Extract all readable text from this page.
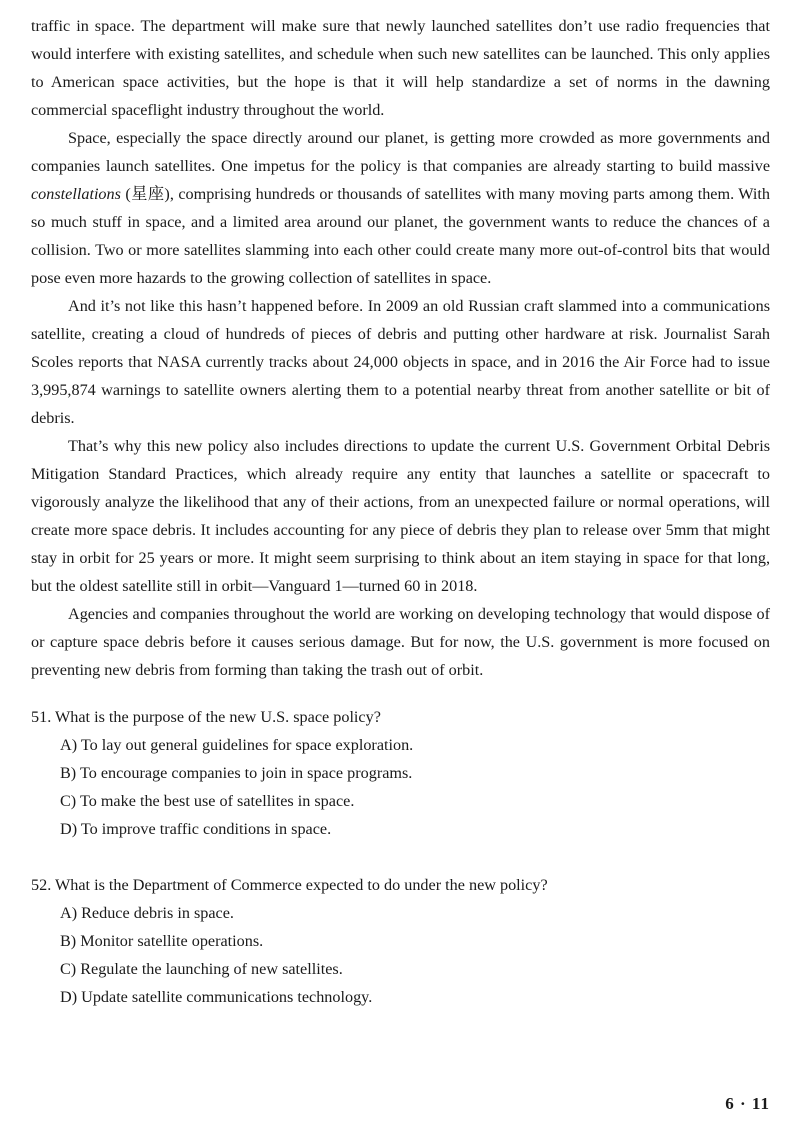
traffic in space. The department will make sure that newly launched satellites don’t use radio frequencies that would interfere with existing satellites, and schedule when such new satellites can be launched. This only applies to American space activities, but the hope is that it will help standardize a set of norms in the dawning commercial spaceflight industry throughout the world.

Space, especially the space directly around our planet, is getting more crowded as more governments and companies launch satellites. One impetus for the policy is that companies are already starting to build massive constellations (星座), comprising hundreds or thousands of satellites with many moving parts among them. With so much stuff in space, and a limited area around our planet, the government wants to reduce the chances of a collision. Two or more satellites slamming into each other could create many more out-of-control bits that would pose even more hazards to the growing collection of satellites in space.

And it’s not like this hasn’t happened before. In 2009 an old Russian craft slammed into a communications satellite, creating a cloud of hundreds of pieces of debris and putting other hardware at risk. Journalist Sarah Scoles reports that NASA currently tracks about 24,000 objects in space, and in 2016 the Air Force had to issue 3,995,874 warnings to satellite owners alerting them to a potential nearby threat from another satellite or bit of debris.

That’s why this new policy also includes directions to update the current U.S. Government Orbital Debris Mitigation Standard Practices, which already require any entity that launches a satellite or spacecraft to vigorously analyze the likelihood that any of their actions, from an unexpected failure or normal operations, will create more space debris. It includes accounting for any piece of debris they plan to release over 5mm that might stay in orbit for 25 years or more. It might seem surprising to think about an item staying in space for that long, but the oldest satellite still in orbit—Vanguard 1—turned 60 in 2018.

Agencies and companies throughout the world are working on developing technology that would dispose of or capture space debris before it causes serious damage. But for now, the U.S. government is more focused on preventing new debris from forming than taking the trash out of orbit.

51. What is the purpose of the new U.S. space policy?

A) To lay out general guidelines for space exploration.

B) To encourage companies to join in space programs.

C) To make the best use of satellites in space.

D) To improve traffic conditions in space.

52. What is the Department of Commerce expected to do under the new policy?

A) Reduce debris in space.

B) Monitor satellite operations.

C) Regulate the launching of new satellites.

D) Update satellite communications technology.

6 · 11
